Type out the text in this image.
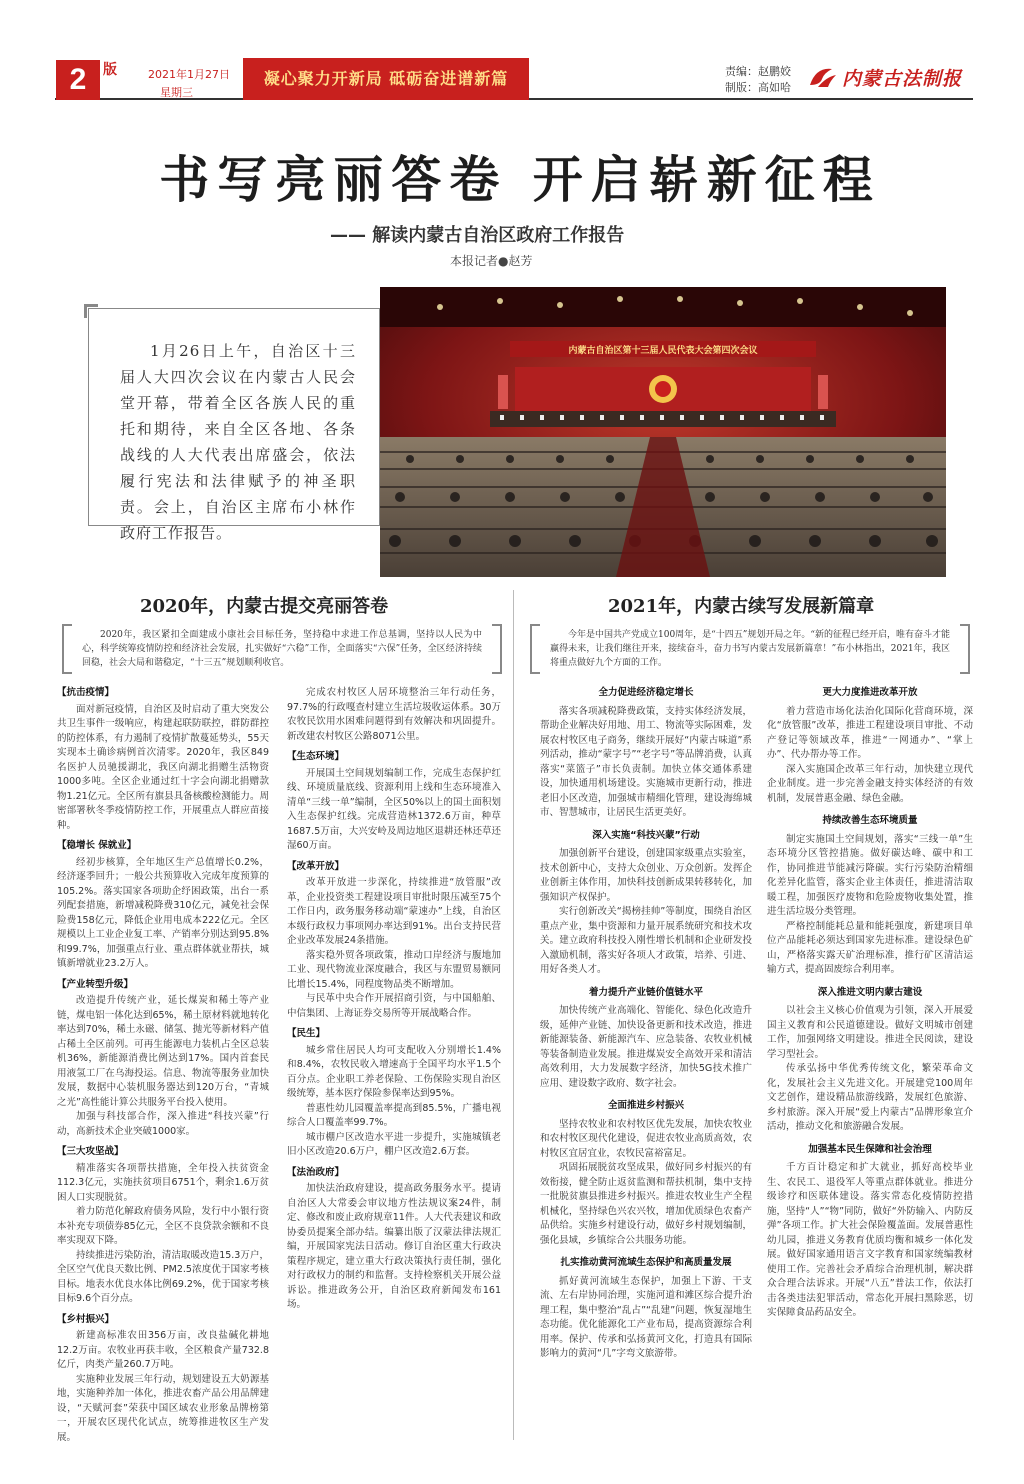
2	版	2021年1月27日
星期三
凝心聚力开新局 砥砺奋进谱新篇	责编：赵鹏姣
制版：高如哈	内蒙古法制报
书写亮丽答卷 开启崭新征程
—— 解读内蒙古自治区政府工作报告
本报记者●赵芳

1月26日上午，自治区十三届人大四次会议在内蒙古人民会堂开幕，带着全区各族人民的重托和期待，来自全区各地、各条战线的人大代表出席盛会，依法履行宪法和法律赋予的神圣职责。会上，自治区主席布小林作政府工作报告。

内蒙古自治区第十三届人民代表大会第四次会议
2020年，内蒙古提交亮丽答卷	2021年，内蒙古续写发展新篇章

2020年，我区紧扣全面建成小康社会目标任务，坚持稳中求进工作总基调，坚持以人民为中心，科学统筹疫情防控和经济社会发展，扎实做好“六稳”工作，全面落实“六保”任务，全区经济持续回稳，社会大局和谐稳定，“十三五”规划顺利收官。

今年是中国共产党成立100周年，是“十四五”规划开局之年。“新的征程已经开启，唯有奋斗才能赢得未来，让我们继往开来，接续奋斗，奋力书写内蒙古发展新篇章！”布小林指出，2021年，我区将重点做好九个方面的工作。

【抗击疫情】

面对新冠疫情，自治区及时启动了重大突发公共卫生事件一级响应，构建起联防联控，群防群控的防控体系，有力遏制了疫情扩散蔓延势头，55天实现本土确诊病例首次清零。2020年，我区849名医护人员驰援湖北，我区向湖北捐赠生活物资1000多吨。全区企业通过红十字会向湖北捐赠款物1.21亿元。全区所有旗县具备核酸检测能力。周密部署秋冬季疫情防控工作，开展重点人群应苗接种。

【稳增长 保就业】

经初步核算，全年地区生产总值增长0.2%，经济逐季回升；一般公共预算收入完成年度预算的105.2%。落实国家各项助企纾困政策，出台一系列配套措施，新增减税降费310亿元，减免社会保险费158亿元，降低企业用电成本222亿元。全区规模以上工业企业复工率、产销率分别达到95.8%和99.7%，加强重点行业、重点群体就业帮扶，城镇新增就业23.2万人。

【产业转型升级】

改造提升传统产业，延长煤炭和稀土等产业链，煤电铝一体化达到65%，稀土原材料就地转化率达到70%，稀土永磁、储氢、抛光等新材料产值占稀土全区前列。可再生能源电力装机占全区总装机36%，新能源消费比例达到17%。国内首套民用液氢工厂在乌海投运。信息、物流等服务业加快发展，数据中心装机服务器达到120万台，“青城之光”高性能计算公共服务平台投入使用。

加强与科技部合作，深入推进“科技兴蒙”行动，高新技术企业突破1000家。

【三大攻坚战】

精准落实各项帮扶措施，全年投入扶贫资金112.3亿元，实施扶贫项目6751个，剩余1.6万贫困人口实现脱贫。

着力防范化解政府债务风险，发行中小银行资本补充专项债券85亿元，全区不良贷款余额和不良率实现双下降。

持续推进污染防治，清洁取暖改造15.3万户，全区空气优良天数比例、PM2.5浓度优于国家考核目标。地表水优良水体比例69.2%，优于国家考核目标9.6个百分点。

【乡村振兴】

新建高标准农田356万亩，改良盐碱化耕地12.2万亩。农牧业再获丰收，全区粮食产量732.8亿斤，肉类产量260.7万吨。

实施种业发展三年行动，规划建设五大奶源基地，实施种养加一体化，推进农畜产品公用品牌建设，“天赋河套”荣获中国区域农业形象品牌榜第一，开展农区现代化试点，统筹推进牧区生产发展。

完成农村牧区人居环境整治三年行动任务，97.7%的行政嘎查村建立生活垃圾收运体系。30万农牧民饮用水困难问题得到有效解决和巩固提升。新改建农村牧区公路8071公里。

【生态环境】

开展国土空间规划编制工作，完成生态保护红线、环境质量底线、资源利用上线和生态环境准入清单“三线一单”编制，全区50%以上的国土面积划入生态保护红线。完成营造林1372.6万亩，种草1687.5万亩，大兴安岭及周边地区退耕还林还草还湿60万亩。

【改革开放】

改革开放进一步深化，持续推进“放管服”改革，企业投资类工程建设项目审批时限压减至75个工作日内，政务服务移动端“蒙速办”上线，自治区本级行政权力事项网办率达到91%。出台支持民营企业改革发展24条措施。

落实稳外贸各项政策，推动口岸经济与腹地加工业、现代物流业深度融合，我区与东盟贸易额同比增长15.4%，同程度物品类不断增加。

与民革中央合作开展招商引资，与中国船舶、中信集团、上海证券交易所等开展战略合作。

【民生】

城乡常住居民人均可支配收入分别增长1.4%和8.4%，农牧民收入增速高于全国平均水平1.5个百分点。企业职工养老保险、工伤保险实现自治区级统筹，基本医疗保险参保率达到95%。

普惠性幼儿园覆盖率提高到85.5%，广播电视综合人口覆盖率99.7%。

城市棚户区改造水平进一步提升，实施城镇老旧小区改造20.6万户，棚户区改造2.6万套。

【法治政府】

加快法治政府建设，提高政务服务水平。提请自治区人大常委会审议地方性法规议案24件，制定、修改和废止政府规章11件。人大代表建议和政协委员提案全部办结。编纂出版了汉蒙法律法规汇编，开展国家宪法日活动。修订自治区重大行政决策程序规定，建立重大行政决策执行责任制，强化对行政权力的制约和监督。支持检察机关开展公益诉讼。推进政务公开，自治区政府新闻发布161场。

全力促进经济稳定增长

落实各项减税降费政策，支持实体经济发展，帮助企业解决好用地、用工、物流等实际困难，发展农村牧区电子商务，继续开展好“内蒙古味道”系列活动，推动“蒙字号”“老字号”等品牌消费，认真落实“菜篮子”市长负责制。加快立体交通体系建设，加快通用机场建设。实施城市更新行动，推进老旧小区改造，加强城市精细化管理，建设海绵城市、智慧城市，让居民生活更美好。

深入实施“科技兴蒙”行动

加强创新平台建设，创建国家级重点实验室，技术创新中心，支持大众创业、万众创新。发挥企业创新主体作用，加快科技创新成果转移转化，加强知识产权保护。

实行创新改关“揭榜挂帅”等制度，围绕自治区重点产业，集中资源和力量开展系统研究和技术攻关。建立政府科技投入刚性增长机制和企业研发投入激励机制，落实好各项人才政策，培养、引进、用好各类人才。

着力提升产业链价值链水平

加快传统产业高端化、智能化、绿色化改造升级，延伸产业链、加快设备更新和技术改造，推进新能源装备、新能源汽车、应急装备、农牧业机械等装备制造业发展。推进煤炭安全高效开采和清洁高效利用，大力发展数字经济，加快5G技术推广应用、建设数字政府、数字社会。

全面推进乡村振兴

坚持农牧业和农村牧区优先发展，加快农牧业和农村牧区现代化建设，促进农牧业高质高效，农村牧区宜居宜业，农牧民富裕富足。

巩固拓展脱贫攻坚成果，做好同乡村振兴的有效衔接，健全防止返贫监测和帮扶机制，集中支持一批脱贫旗县推进乡村振兴。推进农牧业生产全程机械化，坚持绿色兴农兴牧，增加优质绿色农畜产品供给。实施乡村建设行动，做好乡村规划编制，强化县域，乡镇综合公共服务功能。

扎实推动黄河流域生态保护和高质量发展

抓好黄河流域生态保护，加强上下游、干支流、左右岸协同治理，实施河道和滩区综合提升治理工程，集中整治“乱占”“乱建”问题，恢复湿地生态功能。优化能源化工产业布局，提高资源综合利用率。保护、传承和弘扬黄河文化，打造具有国际影响力的黄河“几”字弯文旅游带。

更大力度推进改革开放

着力营造市场化法治化国际化营商环境，深化“放管服”改革，推进工程建设项目审批、不动产登记等领域改革，推进“一网通办”、“掌上办”、代办帮办等工作。

深入实施国企改革三年行动，加快建立现代企业制度。进一步完善金融支持实体经济的有效机制，发展普惠金融、绿色金融。

持续改善生态环境质量

制定实施国土空间规划，落实“三线一单”生态环境分区管控措施。做好碳达峰、碳中和工作，协同推进节能减污降碳。实行污染防治精细化差异化监管，落实企业主体责任，推进清洁取暖工程，加强医疗废物和危险废物收集处置，推进生活垃圾分类管理。

严格控制能耗总量和能耗强度，新建项目单位产品能耗必须达到国家先进标准。建设绿色矿山，严格落实露天矿治理标准，推行矿区清洁运输方式，提高固废综合利用率。

深入推进文明内蒙古建设

以社会主义核心价值观为引领，深入开展爱国主义教育和公民道德建设。做好文明城市创建工作，加强网络文明建设。推进全民阅读，建设学习型社会。

传承弘扬中华优秀传统文化，繁荣革命文化，发展社会主义先进文化。开展建党100周年文艺创作，建设精品旅游线路，发展红色旅游、乡村旅游。深入开展“爱上内蒙古”品牌形象宣介活动，推动文化和旅游融合发展。

加强基本民生保障和社会治理

千方百计稳定和扩大就业，抓好高校毕业生、农民工、退役军人等重点群体就业。推进分级诊疗和医联体建设。落实常态化疫情防控措施，坚持“人”“物”同防，做好“外防输入、内防反弹”各项工作。扩大社会保险覆盖面。发展普惠性幼儿园，推进义务教育优质均衡和城乡一体化发展。做好国家通用语言文字教育和国家统编教材使用工作。完善社会矛盾综合治理机制，解决群众合理合法诉求。开展“八五”普法工作，依法打击各类违法犯罪活动，常态化开展扫黑除恶，切实保障食品药品安全。
